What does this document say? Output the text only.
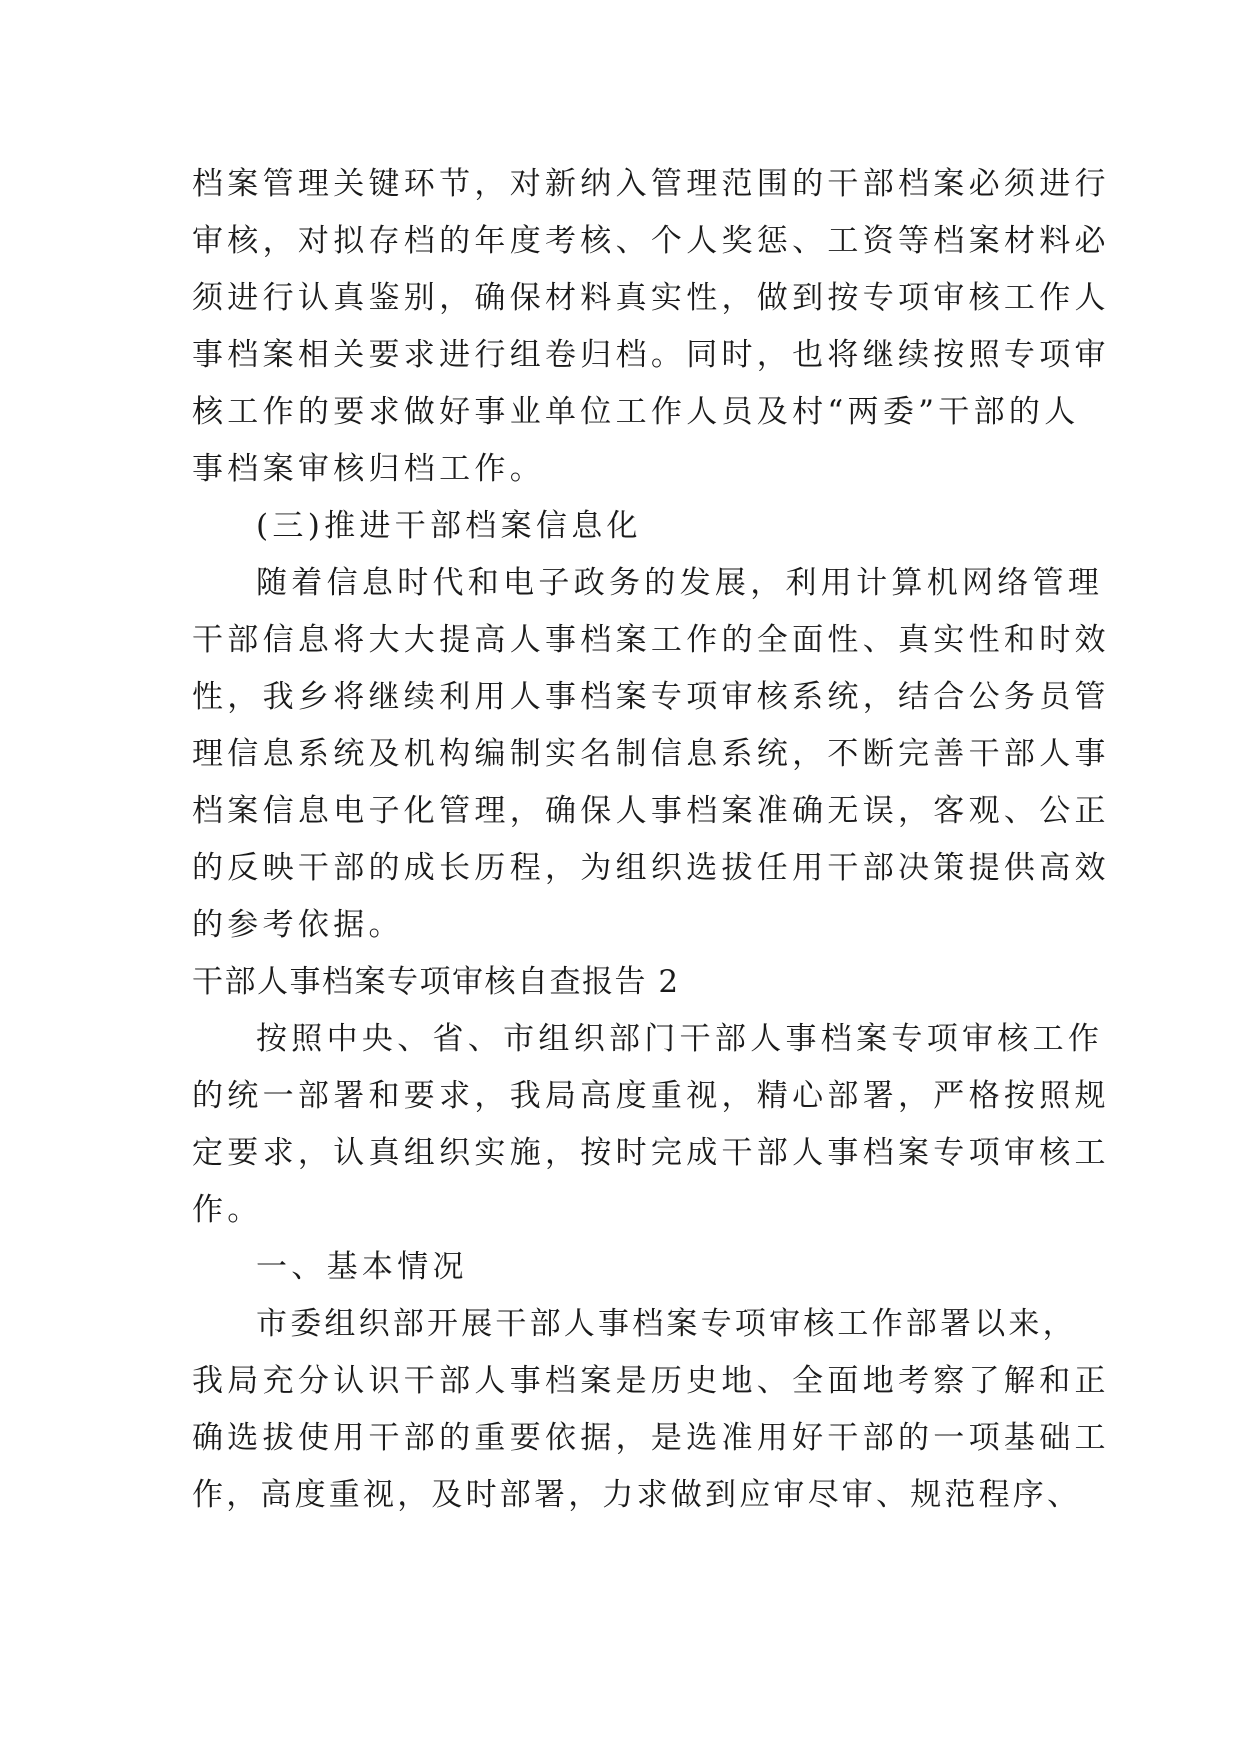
档案管理关键环节，对新纳入管理范围的干部档案必须进行

审核，对拟存档的年度考核、个人奖惩、工资等档案材料必

须进行认真鉴别，确保材料真实性，做到按专项审核工作人

事档案相关要求进行组卷归档。同时，也将继续按照专项审

核工作的要求做好事业单位工作人员及村“两委”干部的人

事档案审核归档工作。

(三)推进干部档案信息化

随着信息时代和电子政务的发展，利用计算机网络管理

干部信息将大大提高人事档案工作的全面性、真实性和时效

性，我乡将继续利用人事档案专项审核系统，结合公务员管

理信息系统及机构编制实名制信息系统，不断完善干部人事

档案信息电子化管理，确保人事档案准确无误，客观、公正

的反映干部的成长历程，为组织选拔任用干部决策提供高效

的参考依据。

干部人事档案专项审核自查报告 2

按照中央、省、市组织部门干部人事档案专项审核工作

的统一部署和要求，我局高度重视，精心部署，严格按照规

定要求，认真组织实施，按时完成干部人事档案专项审核工

作。

一、基本情况

市委组织部开展干部人事档案专项审核工作部署以来，

我局充分认识干部人事档案是历史地、全面地考察了解和正

确选拔使用干部的重要依据，是选准用好干部的一项基础工

作，高度重视，及时部署，力求做到应审尽审、规范程序、
